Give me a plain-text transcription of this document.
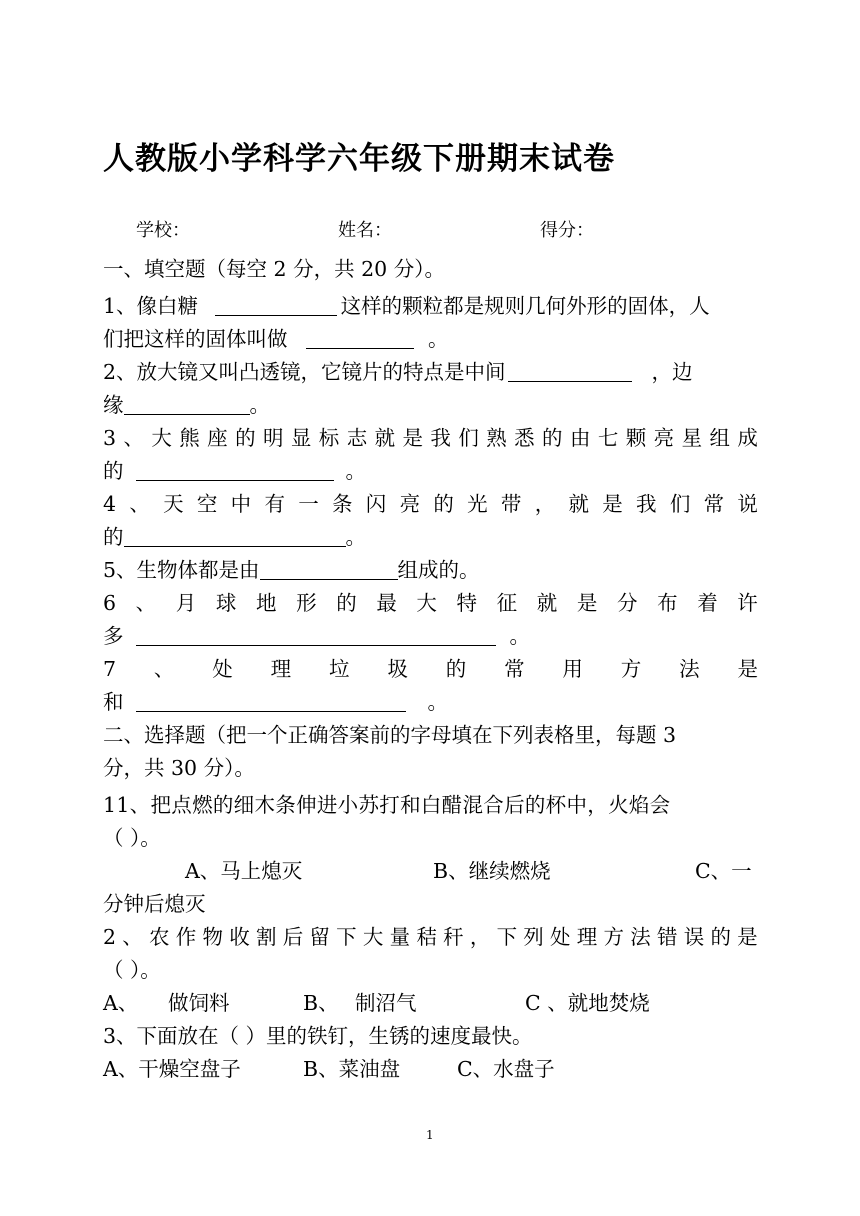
人教版小学科学六年级下册期末试卷
学校：	姓名：	得分：
一、填空题（每空 2 分，共 20 分）。
1、像白糖	这样的颗粒都是规则几何外形的固体，人
们把这样的固体叫做	。
2、放大镜又叫凸透镜，它镜片的特点是中间	，边
缘	。
3 、 大 熊 座 的 明 显 标 志 就 是 我 们 熟 悉 的 由 七 颗 亮 星 组 成
的	。
4 、 天 空 中 有 一 条 闪 亮 的 光 带 ， 就 是 我 们 常 说
的	。
5、生物体都是由	组成的。
6 、 月 球 地 形 的 最 大 特 征 就 是 分 布 着 许
多	。
7 、 处 理 垃 圾 的 常 用 方 法 是
和	。
二、选择题（把一个正确答案前的字母填在下列表格里，每题 3
分，共 30 分）。
11、把点燃的细木条伸进小苏打和白醋混合后的杯中，火焰会
（ ）。
A、马上熄灭	B、继续燃烧	C、一
分钟后熄灭
2 、 农 作 物 收 割 后 留 下 大 量 秸 秆 ， 下 列 处 理 方 法 错 误 的 是
（ ）。
A、 做饲料	B、 制沼气	C 、就地焚烧
3、下面放在（ ）里的铁钉，生锈的速度最快。
A、干燥空盘子	B、菜油盘	C、水盘子
1
